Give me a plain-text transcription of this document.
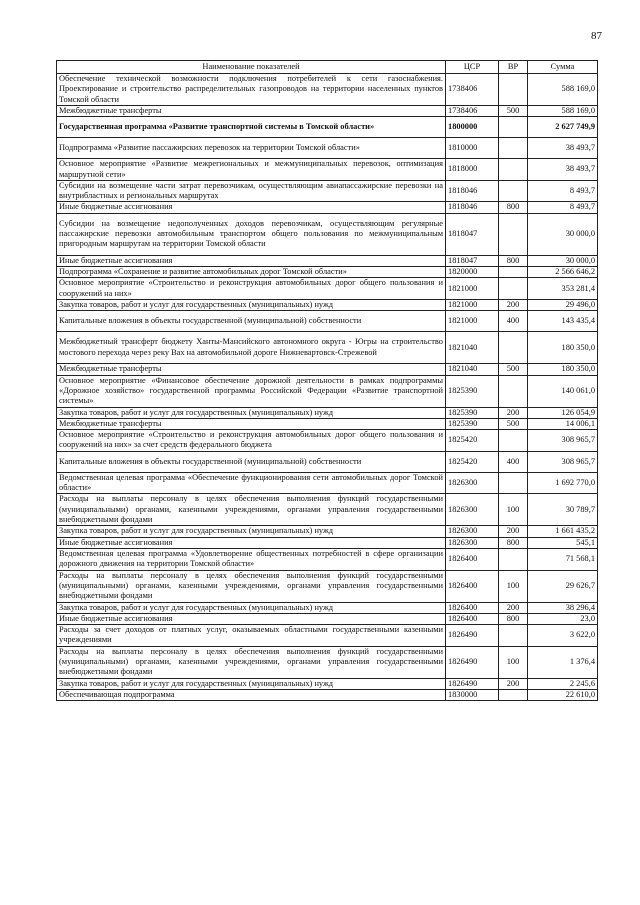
87
Наименование показателей	ЦСР	ВР	Сумма
Обеспечение технической возможности подключения потребителей к сети газоснабжения. Проектирование и строительство распределительных газопроводов на территории населенных пунктов Томской области	1738406		588 169,0
Межбюджетные трансферты	1738406	500	588 169,0
Государственная программа «Развитие транспортной системы в Томской области»	1800000		2 627 749,9
Подпрограмма «Развитие пассажирских перевозок на территории Томской области»	1810000		38 493,7
Основное мероприятие «Развитие межрегиональных и межмуниципальных перевозок, оптимизация маршрутной сети»	1818000		38 493,7
Субсидии на возмещение части затрат перевозчикам, осуществляющим авиапассажирские перевозки на внутрибластных и региональных маршрутах	1818046		8 493,7
Иные бюджетные ассигнования	1818046	800	8 493,7
Субсидии на возмещение недополученных доходов перевозчикам, осуществляющим регулярные пассажирские перевозки автомобильным транспортом общего пользования по межмуниципальным пригородным маршрутам на территории Томской области	1818047		30 000,0
Иные бюджетные ассигнования	1818047	800	30 000,0
Подпрограмма «Сохранение и развитие автомобильных дорог Томской области»	1820000		2 566 646,2
Основное мероприятие «Строительство и реконструкция автомобильных дорог общего пользования и сооружений на них»	1821000		353 281,4
Закупка товаров, работ и услуг для государственных (муниципальных) нужд	1821000	200	29 496,0
Капитальные вложения в объекты государственной (муниципальной) собственности	1821000	400	143 435,4
Межбюджетный трансферт бюджету Ханты-Мансийского автономного округа - Югры на строительство мостового перехода через реку Вах на автомобильной дороге Нижневартовск-Стрежевой	1821040		180 350,0
Межбюджетные трансферты	1821040	500	180 350,0
Основное мероприятие «Финансовое обеспечение дорожной деятельности в рамках подпрограммы «Дорожное хозяйство» государственной программы Российской Федерации «Развитие транспортной системы»	1825390		140 061,0
Закупка товаров, работ и услуг для государственных (муниципальных) нужд	1825390	200	126 054,9
Межбюджетные трансферты	1825390	500	14 006,1
Основное мероприятие «Строительство и реконструкция автомобильных дорог общего пользования и сооружений на них» за счет средств федерального бюджета	1825420		308 965,7
Капитальные вложения в объекты государственной (муниципальной) собственности	1825420	400	308 965,7
Ведомственная целевая программа «Обеспечение функционирования сети автомобильных дорог Томской области»	1826300		1 692 770,0
Расходы на выплаты персоналу в целях обеспечения выполнения функций государственными (муниципальными) органами, казенными учреждениями, органами управления государственными внебюджетными фондами	1826300	100	30 789,7
Закупка товаров, работ и услуг для государственных (муниципальных) нужд	1826300	200	1 661 435,2
Иные бюджетные ассигнования	1826300	800	545,1
Ведомственная целевая программа «Удовлетворение общественных потребностей в сфере организации дорожного движения на территории Томской области»	1826400		71 568,1
Расходы на выплаты персоналу в целях обеспечения выполнения функций государственными (муниципальными) органами, казенными учреждениями, органами управления государственными внебюджетными фондами	1826400	100	29 626,7
Закупка товаров, работ и услуг для государственных (муниципальных) нужд	1826400	200	38 296,4
Иные бюджетные ассигнования	1826400	800	23,0
Расходы за счет доходов от платных услуг, оказываемых областными государственными казенными учреждениями	1826490		3 622,0
Расходы на выплаты персоналу в целях обеспечения выполнения функций государственными (муниципальными) органами, казенными учреждениями, органами управления государственными внебюджетными фондами	1826490	100	1 376,4
Закупка товаров, работ и услуг для государственных (муниципальных) нужд	1826490	200	2 245,6
Обеспечивающая подпрограмма	1830000		22 610,0
